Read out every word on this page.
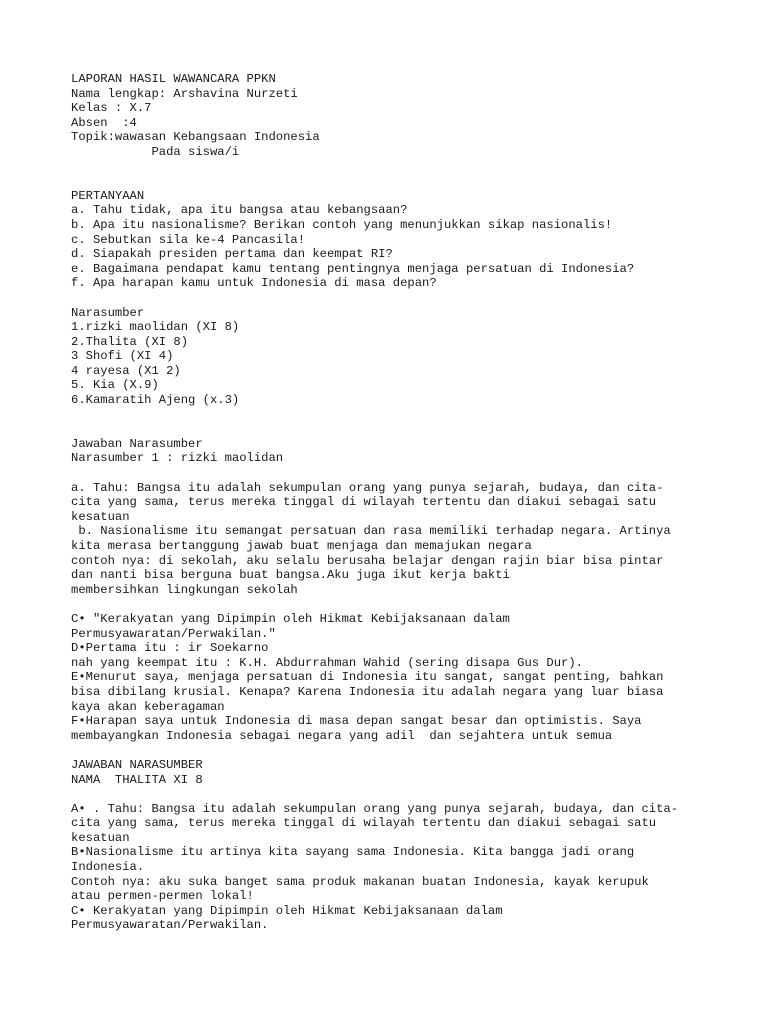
LAPORAN HASIL WAWANCARA PPKN
Nama lengkap: Arshavina Nurzeti
Kelas : X.7
Absen  :4
Topik:wawasan Kebangsaan Indonesia
Pada siswa/i
PERTANYAAN
a. Tahu tidak, apa itu bangsa atau kebangsaan?
b. Apa itu nasionalisme? Berikan contoh yang menunjukkan sikap nasionalis!
c. Sebutkan sila ke-4 Pancasila!
d. Siapakah presiden pertama dan keempat RI?
e. Bagaimana pendapat kamu tentang pentingnya menjaga persatuan di Indonesia?
f. Apa harapan kamu untuk Indonesia di masa depan?
Narasumber
1.rizki maolidan (XI 8)
2.Thalita (XI 8)
3 Shofi (XI 4)
4 rayesa (X1 2)
5. Kia (X.9)
6.Kamaratih Ajeng (x.3)
Jawaban Narasumber
Narasumber 1 : rizki maolidan
a. Tahu: Bangsa itu adalah sekumpulan orang yang punya sejarah, budaya, dan cita-
cita yang sama, terus mereka tinggal di wilayah tertentu dan diakui sebagai satu
kesatuan
b. Nasionalisme itu semangat persatuan dan rasa memiliki terhadap negara. Artinya
kita merasa bertanggung jawab buat menjaga dan memajukan negara
contoh nya: di sekolah, aku selalu berusaha belajar dengan rajin biar bisa pintar
dan nanti bisa berguna buat bangsa.Aku juga ikut kerja bakti
membersihkan lingkungan sekolah
C• "Kerakyatan yang Dipimpin oleh Hikmat Kebijaksanaan dalam
Permusyawaratan/Perwakilan."
D•Pertama itu : ir Soekarno
nah yang keempat itu : K.H. Abdurrahman Wahid (sering disapa Gus Dur).
E•Menurut saya, menjaga persatuan di Indonesia itu sangat, sangat penting, bahkan
bisa dibilang krusial. Kenapa? Karena Indonesia itu adalah negara yang luar biasa
kaya akan keberagaman
F•Harapan saya untuk Indonesia di masa depan sangat besar dan optimistis. Saya
membayangkan Indonesia sebagai negara yang adil  dan sejahtera untuk semua
JAWABAN NARASUMBER
NAMA  THALITA XI 8
A• . Tahu: Bangsa itu adalah sekumpulan orang yang punya sejarah, budaya, dan cita-
cita yang sama, terus mereka tinggal di wilayah tertentu dan diakui sebagai satu
kesatuan
B•Nasionalisme itu artinya kita sayang sama Indonesia. Kita bangga jadi orang
Indonesia.
Contoh nya: aku suka banget sama produk makanan buatan Indonesia, kayak kerupuk
atau permen-permen lokal!
C• Kerakyatan yang Dipimpin oleh Hikmat Kebijaksanaan dalam
Permusyawaratan/Perwakilan.
